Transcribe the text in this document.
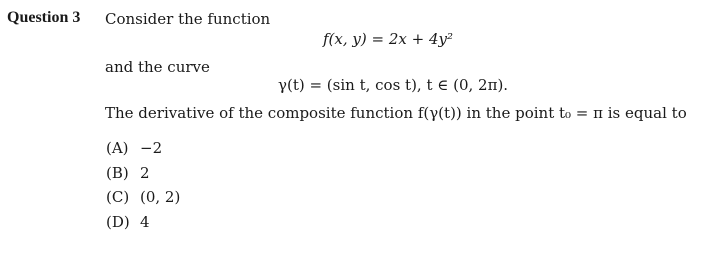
Question 3 Consider the function
f(x, y) = 2x + 4y²
and the curve
γ(t) = (sin t, cos t), t ∈ (0, 2π).
The derivative of the composite function f(γ(t)) in the point t₀ = π is equal to
(A) −2
(B) 2
(C) (0, 2)
(D) 4
